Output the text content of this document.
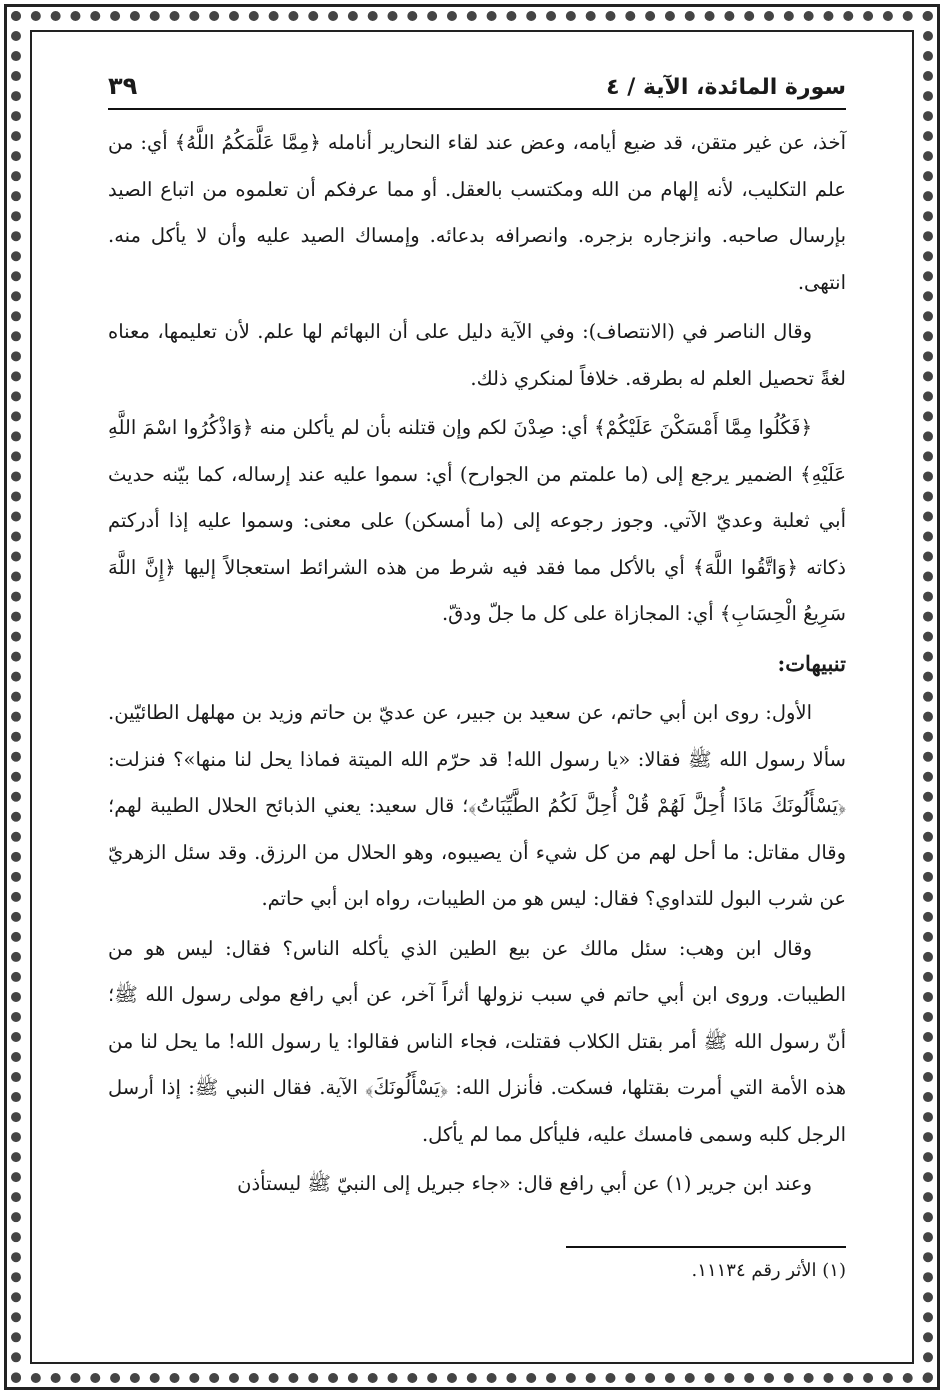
سورة المائدة، الآية / ٤
٣٩

آخذ، عن غير متقن، قد ضيع أيامه، وعض عند لقاء النحارير أنامله ﴿مِمَّا عَلَّمَكُمُ اللَّهُ﴾ أي: من علم التكليب، لأنه إلهام من الله ومكتسب بالعقل. أو مما عرفكم أن تعلموه من اتباع الصيد بإرسال صاحبه. وانزجاره بزجره. وانصرافه بدعائه. وإمساك الصيد عليه وأن لا يأكل منه. انتهى.

وقال الناصر في (الانتصاف): وفي الآية دليل على أن البهائم لها علم. لأن تعليمها، معناه لغةً تحصيل العلم له بطرقه. خلافاً لمنكري ذلك.

﴿فَكُلُوا مِمَّا أَمْسَكْنَ عَلَيْكُمْ﴾ أي: صِدْنَ لكم وإن قتلنه بأن لم يأكلن منه ﴿وَاذْكُرُوا اسْمَ اللَّهِ عَلَيْهِ﴾ الضمير يرجع إلى (ما علمتم من الجوارح) أي: سموا عليه عند إرساله، كما بيّنه حديث أبي ثعلبة وعديّ الآتي. وجوز رجوعه إلى (ما أمسكن) على معنى: وسموا عليه إذا أدركتم ذكاته ﴿وَاتَّقُوا اللَّهَ﴾ أي بالأكل مما فقد فيه شرط من هذه الشرائط استعجالاً إليها ﴿إِنَّ اللَّهَ سَرِيعُ الْحِسَابِ﴾ أي: المجازاة على كل ما جلّ ودقّ.

تنبيهات:

الأول: روى ابن أبي حاتم، عن سعيد بن جبير، عن عديّ بن حاتم وزيد بن مهلهل الطائيّين. سألا رسول الله ﷺ فقالا: «يا رسول الله! قد حرّم الله الميتة فماذا يحل لنا منها»؟ فنزلت: ﴿يَسْأَلُونَكَ مَاذَا أُحِلَّ لَهُمْ قُلْ أُحِلَّ لَكُمُ الطَّيِّبَاتُ﴾؛ قال سعيد: يعني الذبائح الحلال الطيبة لهم؛ وقال مقاتل: ما أحل لهم من كل شيء أن يصيبوه، وهو الحلال من الرزق. وقد سئل الزهريّ عن شرب البول للتداوي؟ فقال: ليس هو من الطيبات، رواه ابن أبي حاتم.

وقال ابن وهب: سئل مالك عن بيع الطين الذي يأكله الناس؟ فقال: ليس هو من الطيبات. وروى ابن أبي حاتم في سبب نزولها أثراً آخر، عن أبي رافع مولى رسول الله ﷺ؛ أنّ رسول الله ﷺ أمر بقتل الكلاب فقتلت، فجاء الناس فقالوا: يا رسول الله! ما يحل لنا من هذه الأمة التي أمرت بقتلها، فسكت. فأنزل الله: ﴿يَسْأَلُونَكَ﴾ الآية. فقال النبي ﷺ: إذا أرسل الرجل كلبه وسمى فامسك عليه، فليأكل مما لم يأكل.

وعند ابن جرير (١) عن أبي رافع قال: «جاء جبريل إلى النبيّ ﷺ ليستأذن

(١) الأثر رقم ١١١٣٤.
